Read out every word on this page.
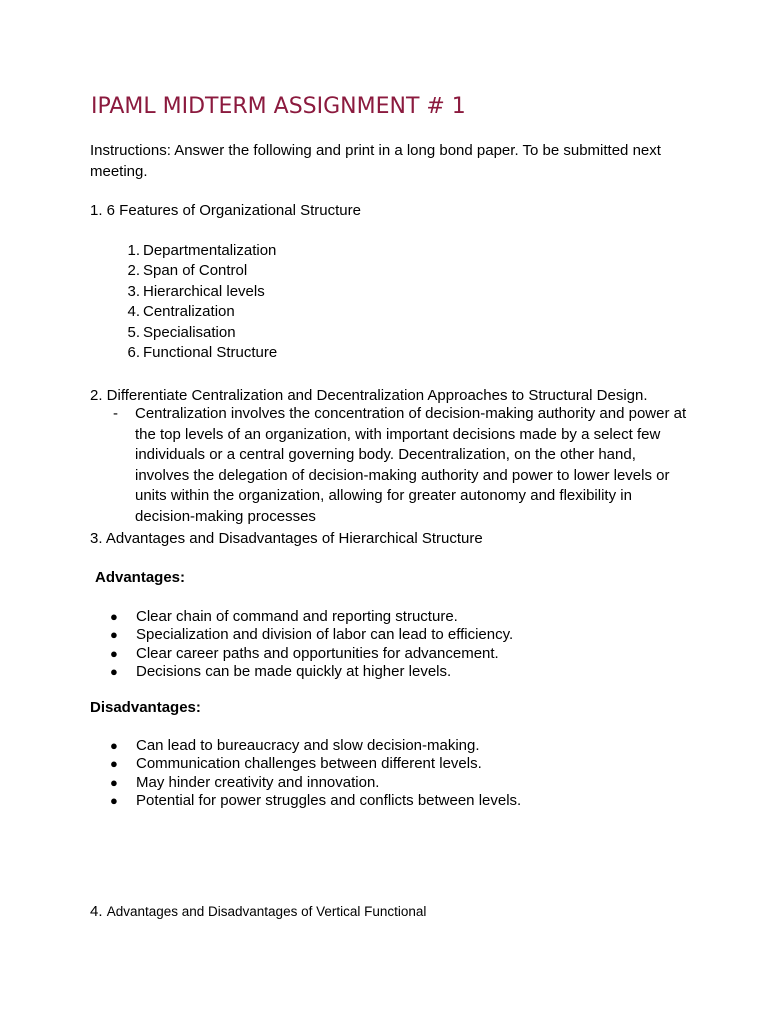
IPAML MIDTERM ASSIGNMENT # 1

Instructions: Answer the following and print in a long bond paper. To be submitted next meeting.

1. 6 Features of Organizational Structure

1. Departmentalization
2. Span of Control
3. Hierarchical levels
4. Centralization
5. Specialisation
6. Functional Structure

2. Differentiate Centralization and Decentralization Approaches to Structural Design.

- Centralization involves the concentration of decision-making authority and power at the top levels of an organization, with important decisions made by a select few individuals or a central governing body. Decentralization, on the other hand, involves the delegation of decision-making authority and power to lower levels or units within the organization, allowing for greater autonomy and flexibility in decision-making processes

3. Advantages and Disadvantages of Hierarchical Structure

Advantages:

● Clear chain of command and reporting structure.
● Specialization and division of labor can lead to efficiency.
● Clear career paths and opportunities for advancement.
● Decisions can be made quickly at higher levels.

Disadvantages:

● Can lead to bureaucracy and slow decision-making.
● Communication challenges between different levels.
● May hinder creativity and innovation.
● Potential for power struggles and conflicts between levels.

4. Advantages and Disadvantages of Vertical Functional
